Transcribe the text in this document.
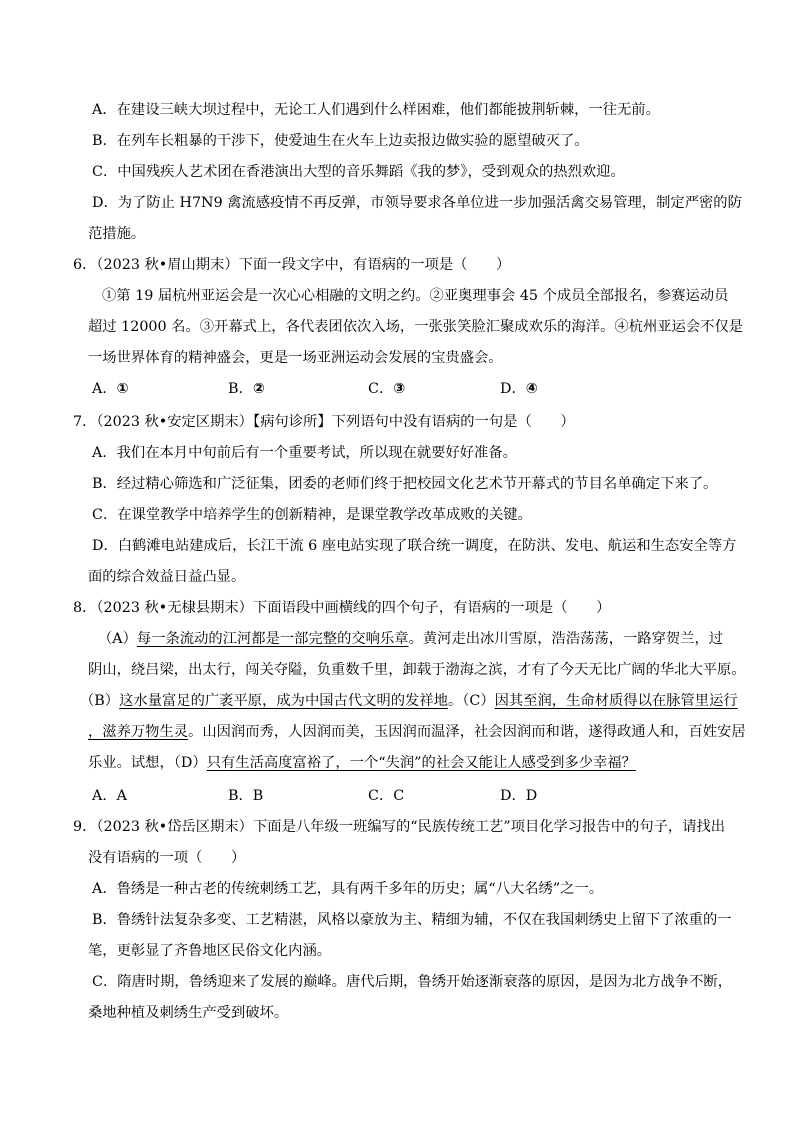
A．在建设三峡大坝过程中，无论工人们遇到什么样困难，他们都能披荆斩棘，一往无前。
B．在列车长粗暴的干涉下，使爱迪生在火车上边卖报边做实验的愿望破灭了。
C．中国残疾人艺术团在香港演出大型的音乐舞蹈《我的梦》，受到观众的热烈欢迎。
D．为了防止 H7N9 禽流感疫情不再反弹，市领导要求各单位进一步加强活禽交易管理，制定严密的防
范措施。
6．（2023 秋•眉山期末）下面一段文字中，有语病的一项是（　　）
①第 19 届杭州亚运会是一次心心相融的文明之约。②亚奥理事会 45 个成员全部报名，参赛运动员
超过 12000 名。③开幕式上，各代表团依次入场，一张张笑脸汇聚成欢乐的海洋。④杭州亚运会不仅是
一场世界体育的精神盛会，更是一场亚洲运动会发展的宝贵盛会。
A．①	B．②	C．③	D．④
7．（2023 秋•安定区期末）【病句诊所】下列语句中没有语病的一句是（　　）
A．我们在本月中旬前后有一个重要考试，所以现在就要好好准备。
B．经过精心筛选和广泛征集，团委的老师们终于把校园文化艺术节开幕式的节目名单确定下来了。
C．在课堂教学中培养学生的创新精神，是课堂教学改革成败的关键。
D．白鹤滩电站建成后，长江干流 6 座电站实现了联合统一调度，在防洪、发电、航运和生态安全等方
面的综合效益日益凸显。
8．（2023 秋•无棣县期末）下面语段中画横线的四个句子，有语病的一项是（　　）
（A）每一条流动的江河都是一部完整的交响乐章。黄河走出冰川雪原，浩浩荡荡，一路穿贺兰，过
阴山，绕吕梁，出太行，闯关夺隘，负重数千里，卸载于渤海之滨，才有了今天无比广阔的华北大平原。
（B）这水量富足的广袤平原，成为中国古代文明的发祥地。（C）因其至润，生命材质得以在脉管里运行
，滋养万物生灵。山因润而秀，人因润而美，玉因润而温泽，社会因润而和谐，遂得政通人和，百姓安居
乐业。试想，（D）只有生活高度富裕了，一个“失润”的社会又能让人感受到多少幸福？
A．A	B．B	C．C	D．D
9．（2023 秋•岱岳区期末）下面是八年级一班编写的“民族传统工艺”项目化学习报告中的句子，请找出
没有语病的一项（　　）
A．鲁绣是一种古老的传统刺绣工艺，具有两千多年的历史；属“八大名绣”之一。
B．鲁绣针法复杂多变、工艺精湛，风格以豪放为主、精细为辅，不仅在我国刺绣史上留下了浓重的一
笔，更彰显了齐鲁地区民俗文化内涵。
C．隋唐时期，鲁绣迎来了发展的巅峰。唐代后期，鲁绣开始逐渐衰落的原因，是因为北方战争不断，
桑地种植及刺绣生产受到破坏。
